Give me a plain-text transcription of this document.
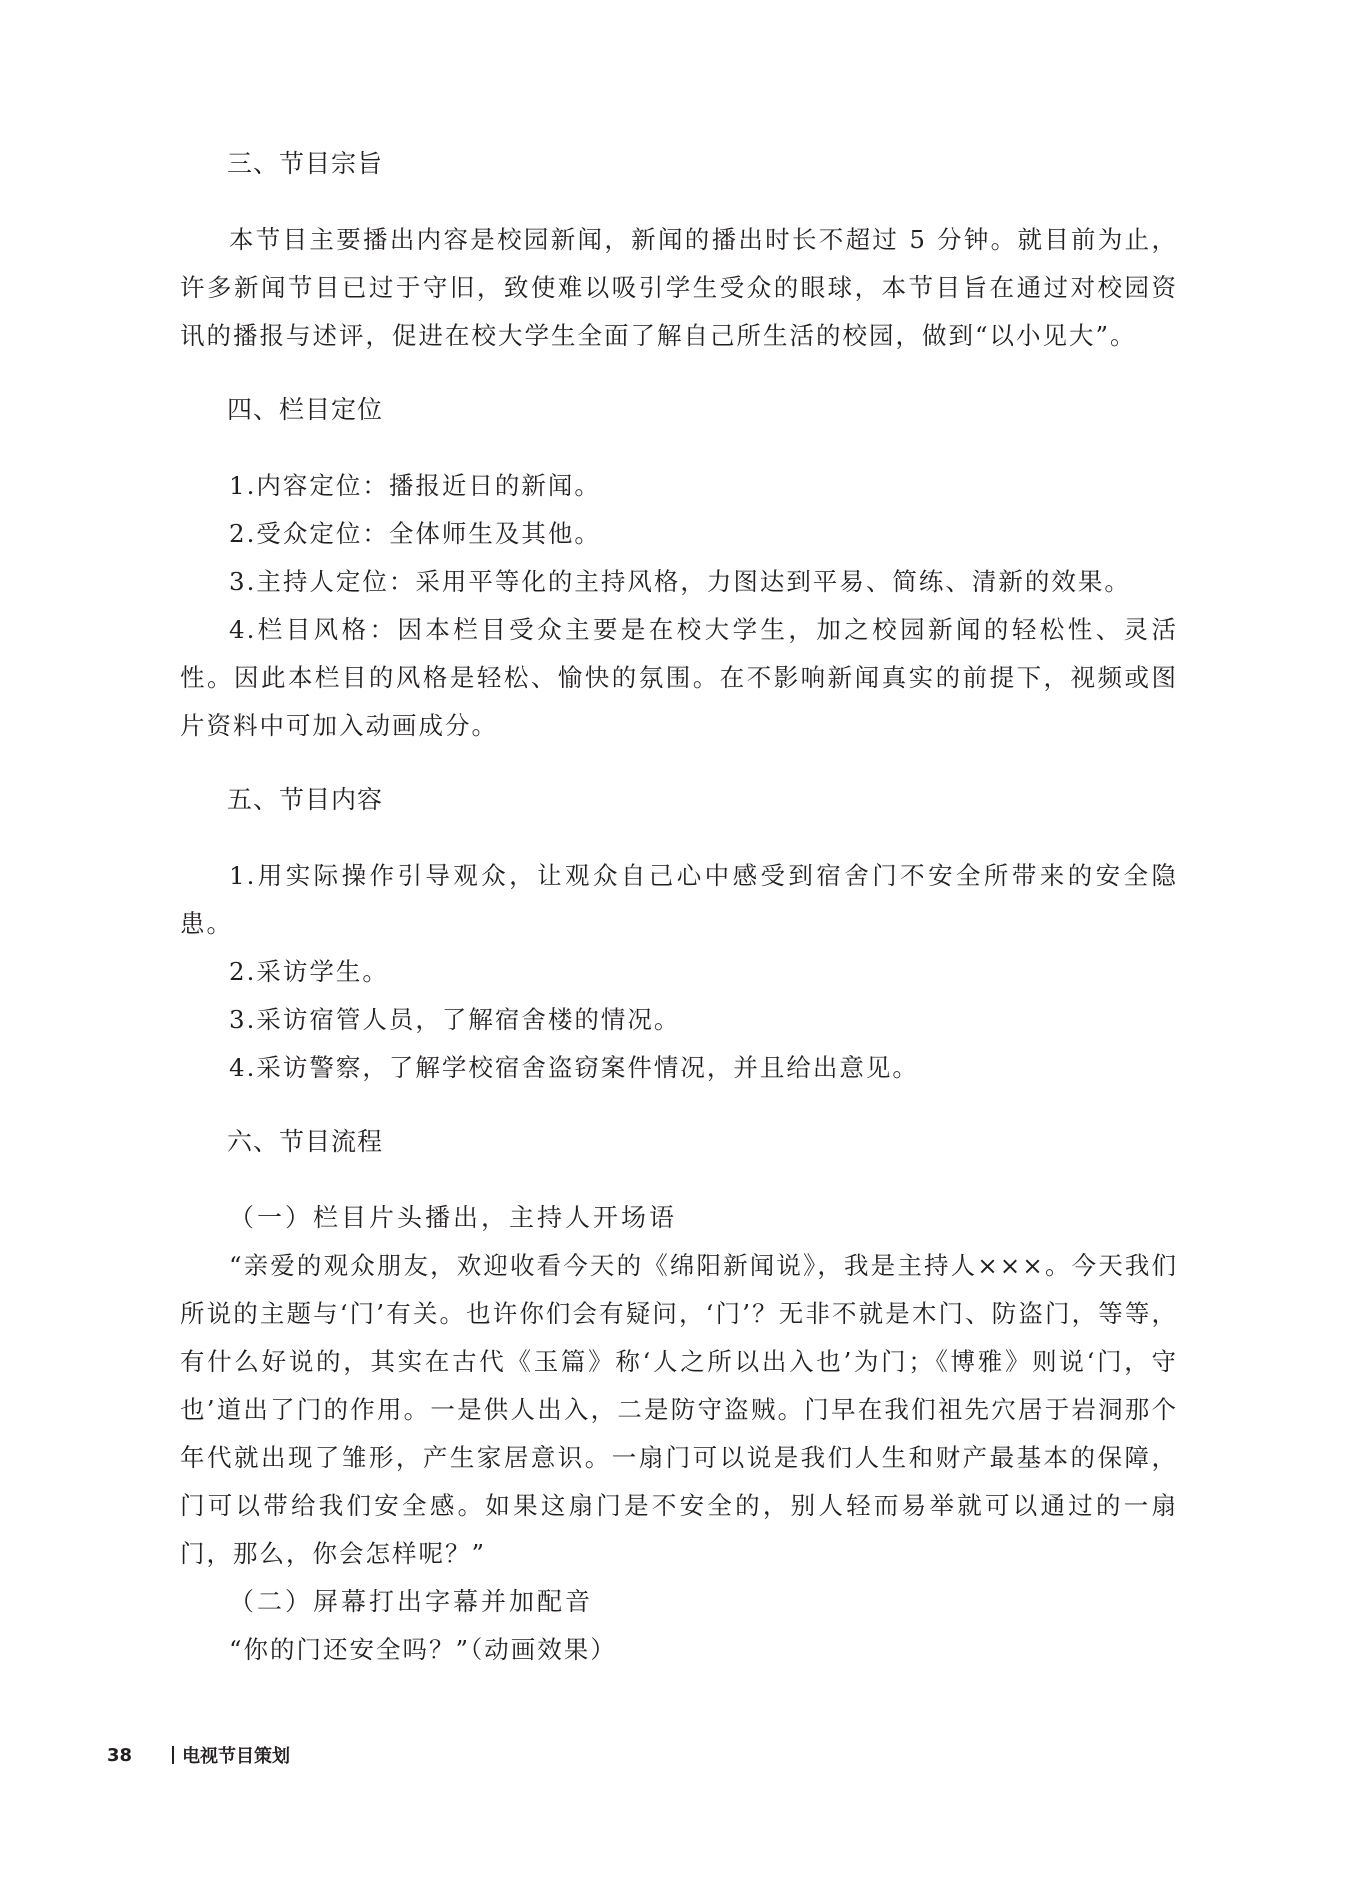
三、节目宗旨

本节目主要播出内容是校园新闻，新闻的播出时长不超过 5 分钟。就目前为止，许多新闻节目已过于守旧，致使难以吸引学生受众的眼球，本节目旨在通过对校园资讯的播报与述评，促进在校大学生全面了解自己所生活的校园，做到“以小见大”。

四、栏目定位

1.内容定位：播报近日的新闻。

2.受众定位：全体师生及其他。

3.主持人定位：采用平等化的主持风格，力图达到平易、简练、清新的效果。

4.栏目风格：因本栏目受众主要是在校大学生，加之校园新闻的轻松性、灵活性。因此本栏目的风格是轻松、愉快的氛围。在不影响新闻真实的前提下，视频或图片资料中可加入动画成分。

五、节目内容

1.用实际操作引导观众，让观众自己心中感受到宿舍门不安全所带来的安全隐患。

2.采访学生。

3.采访宿管人员，了解宿舍楼的情况。

4.采访警察，了解学校宿舍盗窃案件情况，并且给出意见。

六、节目流程
（一）栏目片头播出，主持人开场语

“亲爱的观众朋友，欢迎收看今天的《绵阳新闻说》，我是主持人×××。今天我们所说的主题与‘门’有关。也许你们会有疑问，‘门’？无非不就是木门、防盗门，等等，有什么好说的，其实在古代《玉篇》称‘人之所以出入也’为门；《博雅》则说‘门，守也’道出了门的作用。一是供人出入，二是防守盗贼。门早在我们祖先穴居于岩洞那个年代就出现了雏形，产生家居意识。一扇门可以说是我们人生和财产最基本的保障，门可以带给我们安全感。如果这扇门是不安全的，别人轻而易举就可以通过的一扇门，那么，你会怎样呢？”

（二）屏幕打出字幕并加配音

“你的门还安全吗？”（动画效果）

38	电视节目策划
